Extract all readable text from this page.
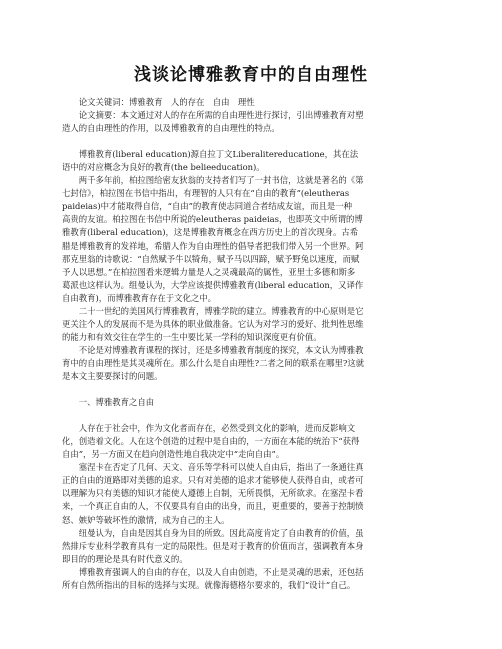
浅谈论博雅教育中的自由理性
　　论文关键词：博雅教育　人的存在　自由　理性
　　论文摘要：本文通过对人的存在所需的自由理性进行探讨，引出博雅教育对塑
造人的自由理性的作用，以及博雅教育的自由理性的特点。
　　博雅教育(liberal education)源自拉丁文Liberalitereducatione，其在法
语中的对应概念为良好的教育(the belieeducation)。
　　两千多年前，柏拉图给密友狄翁的支持者们写了一封书信，这就是著名的《第
七封信》，柏拉图在书信中指出，有理智的人只有在“自由的教育”(eleutheras
paideias)中才能取得自信，“自由”的教育使志同道合者结成友谊，而且是一种
高贵的友谊。柏拉图在书信中所说的eleutheras paideias，也即英文中所谓的博
雅教育(liberal education)，这是博雅教育概念在西方历史上的首次现身。古希
腊是博雅教育的发祥地，希腊人作为自由理性的倡导者把我们带入另一个世界。阿
那克里翁的诗歌说：“自然赋予牛以犄角，赋予马以四蹄，赋予野兔以速度，而赋
予人以思想。”在柏拉图看来逻辑力量是人之灵魂最高的属性，亚里士多德和斯多
葛派也这样认为。组曼认为，大学应该提供博雅教育(liberal education，又译作
自由教育)，而博雅教育存在于文化之中。
　　二十一世纪的美国风行博雅教育，博雅学院的建立。博雅教育的中心原则是它
更关注个人的发展而不是为具体的职业做准备。它认为对学习的爱好、批判性思维
的能力和有效交往在学生的一生中要比某一学科的知识深度更有价值。
　　不论是对博雅教育课程的探讨，还是多博雅教育制度的探究，本文认为博雅教
育中的自由理性是其灵魂所在。那么什么是自由理性?二者之间的联系在哪里?这就
是本文主要要探讨的问题。
　　一、博雅教育之自由
　　人存在于社会中，作为文化者而存在，必然受到文化的影响，进而反影响文
化，创造着文化。人在这个创造的过程中是自由的，一方面在本能的统治下“获得
自由”，另一方面又在趋向创造性地自我决定中“走向自由”。
　　塞涅卡在否定了几何、天文、音乐等学科可以使人自由后，指出了一条通往真
正的自由的道路即对美德的追求。只有对美德的追求才能够使人获得自由，或者可
以理解为只有美德的知识才能使人遵德上自制，无所畏惧，无所欲求。在塞涅卡看
来，一个真正自由的人，不仅要具有自由的出身，而且，更重要的，要善于控制愤
怒、嫉妒等破坏性的激情，成为自己的主人。
　　纽曼认为，自由是因其自身为目的所致。因此高度肯定了自由教育的价值，虽
然排斥专业科学教育具有一定的局限性。但是对于教育的价值而言，强调教育本身
即目的的理论是具有时代意义的。
　　博雅教育强调人的自由的存在，以及人自由创造，不止是灵魂的思索，还包括
所有自然所指出的目标的选择与实现。就像海德格尔要求的，我们“设计”自己。
